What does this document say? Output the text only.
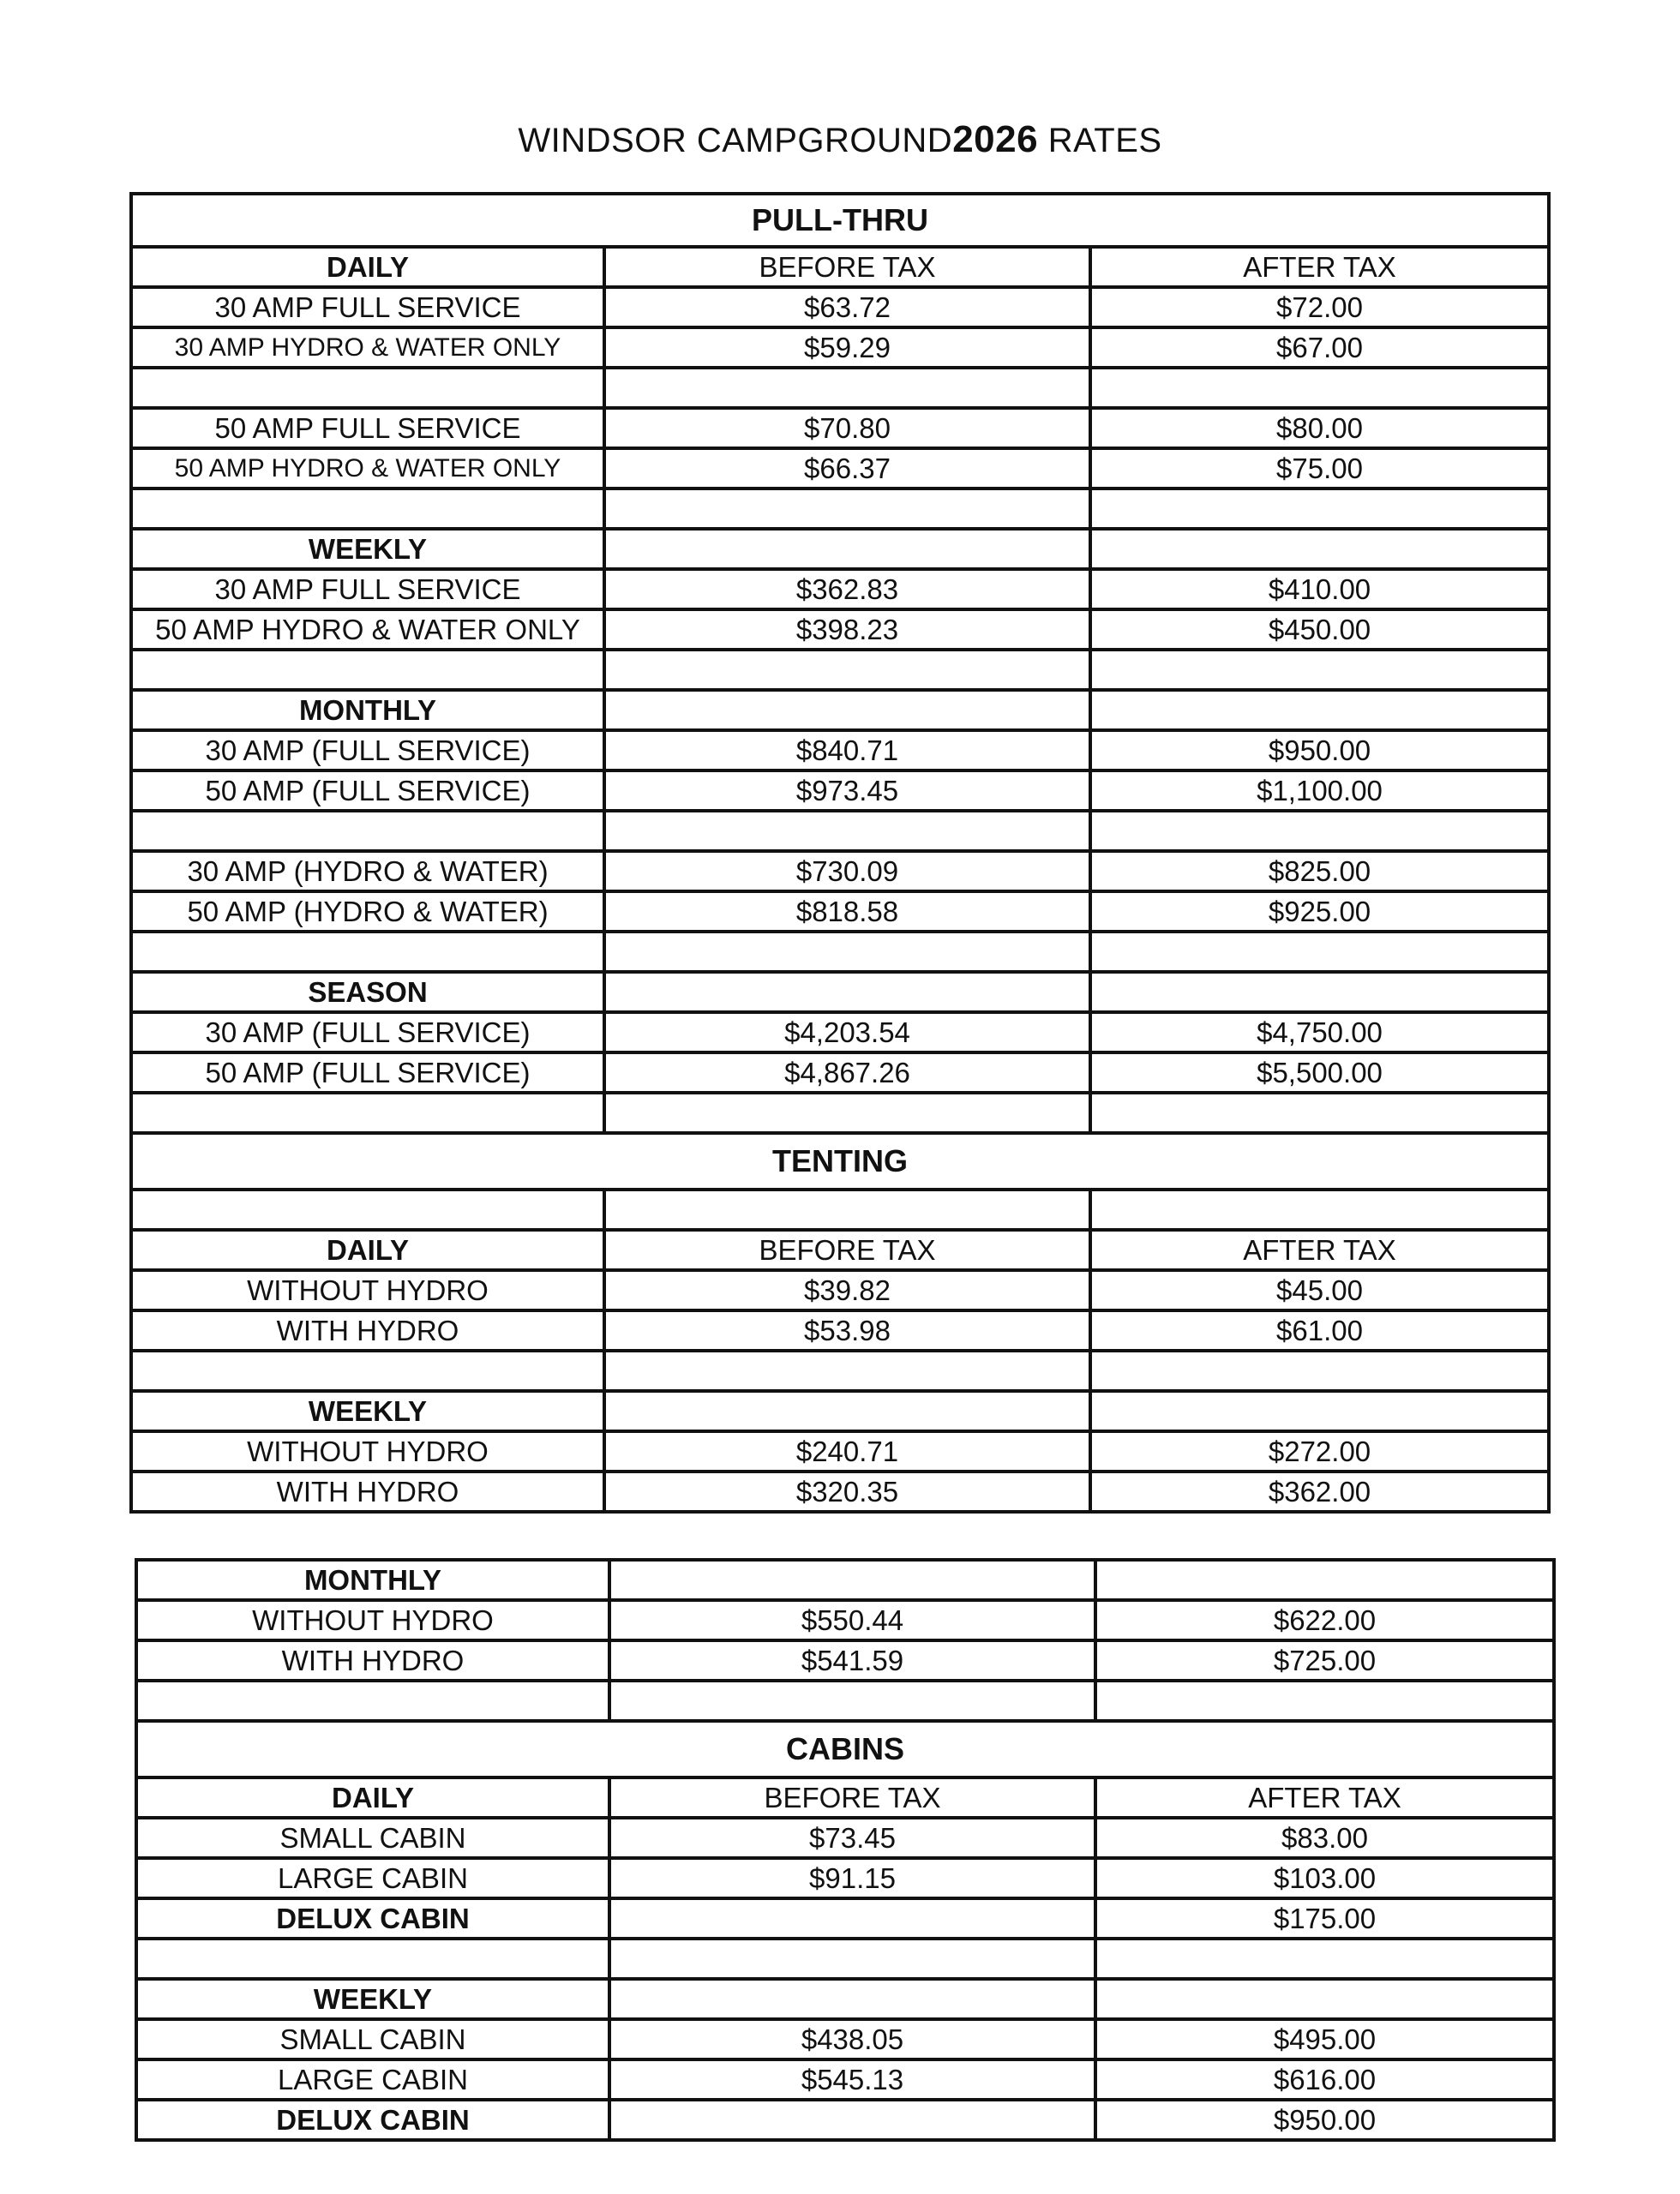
WINDSOR CAMPGROUND2026 RATES
PULL-THRU		
DAILY	BEFORE TAX	AFTER TAX
30 AMP FULL SERVICE	$63.72	$72.00
30 AMP HYDRO & WATER ONLY	$59.29	$67.00

50 AMP FULL SERVICE	$70.80	$80.00
50 AMP HYDRO & WATER ONLY	$66.37	$75.00

WEEKLY		
30 AMP FULL SERVICE	$362.83	$410.00
50 AMP HYDRO & WATER ONLY	$398.23	$450.00

MONTHLY		
30 AMP (FULL SERVICE)	$840.71	$950.00
50 AMP (FULL SERVICE)	$973.45	$1,100.00

30 AMP (HYDRO & WATER)	$730.09	$825.00
50 AMP (HYDRO & WATER)	$818.58	$925.00

SEASON		
30 AMP (FULL SERVICE)	$4,203.54	$4,750.00
50 AMP (FULL SERVICE)	$4,867.26	$5,500.00

TENTING		

DAILY	BEFORE TAX	AFTER TAX
WITHOUT HYDRO	$39.82	$45.00
WITH HYDRO	$53.98	$61.00

WEEKLY		
WITHOUT HYDRO	$240.71	$272.00
WITH HYDRO	$320.35	$362.00
MONTHLY		
WITHOUT HYDRO	$550.44	$622.00
WITH HYDRO	$541.59	$725.00

CABINS		
DAILY	BEFORE TAX	AFTER TAX
SMALL CABIN	$73.45	$83.00
LARGE CABIN	$91.15	$103.00
DELUX CABIN		$175.00

WEEKLY		
SMALL CABIN	$438.05	$495.00
LARGE CABIN	$545.13	$616.00
DELUX CABIN		$950.00
